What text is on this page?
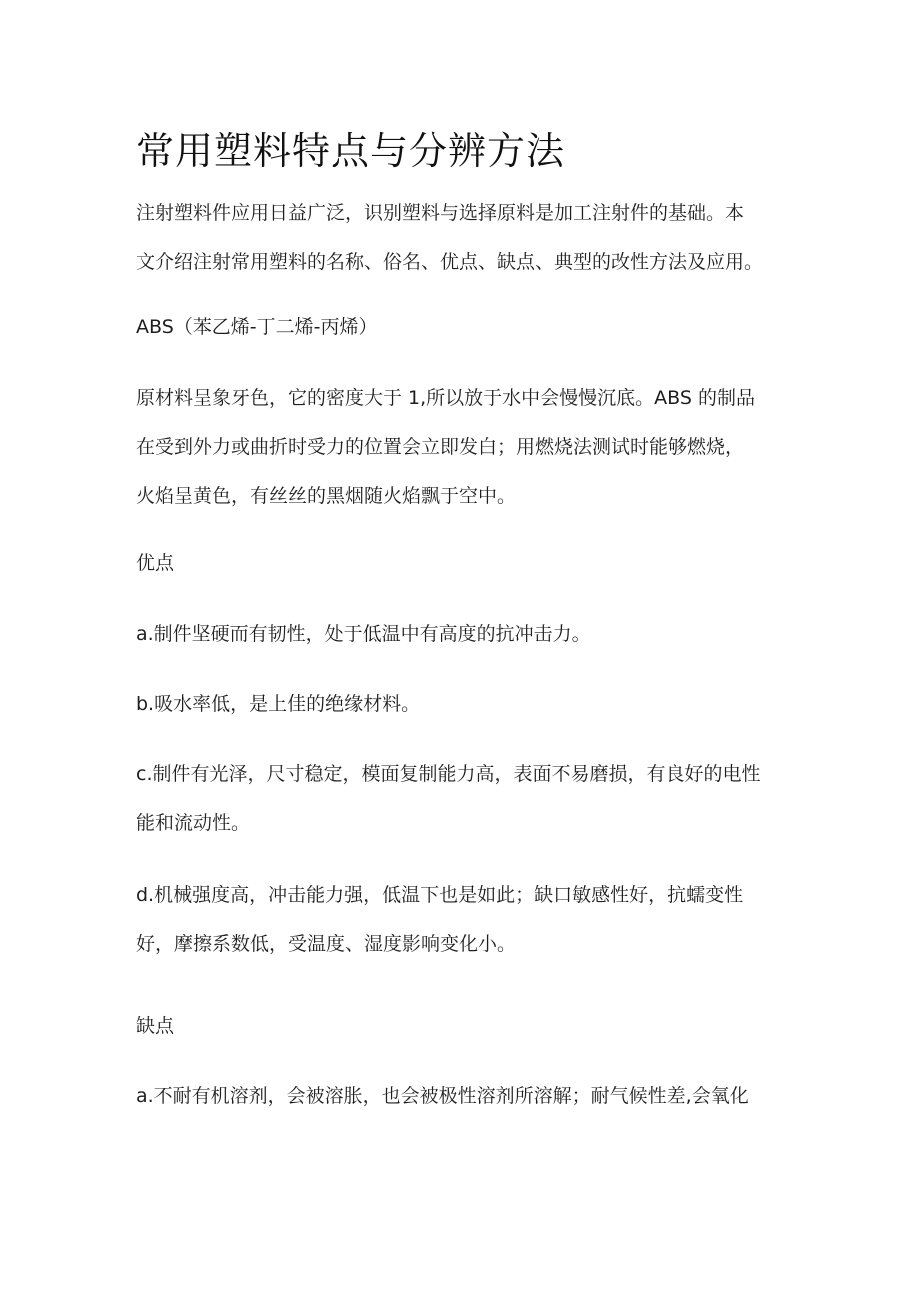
常用塑料特点与分辨方法

注射塑料件应用日益广泛，识别塑料与选择原料是加工注射件的基础。本
文介绍注射常用塑料的名称、俗名、优点、缺点、典型的改性方法及应用。

ABS（苯乙烯-丁二烯-丙烯）

原材料呈象牙色，它的密度大于 1,所以放于水中会慢慢沉底。ABS 的制品
在受到外力或曲折时受力的位置会立即发白；用燃烧法测试时能够燃烧，
火焰呈黄色，有丝丝的黑烟随火焰飘于空中。

优点

a.制件坚硬而有韧性，处于低温中有高度的抗冲击力。

b.吸水率低，是上佳的绝缘材料。

c.制件有光泽，尺寸稳定，模面复制能力高，表面不易磨损，有良好的电性
能和流动性。

d.机械强度高，冲击能力强，低温下也是如此；缺口敏感性好，抗蠕变性
好，摩擦系数低，受温度、湿度影响变化小。

缺点

a.不耐有机溶剂，会被溶胀，也会被极性溶剂所溶解；耐气候性差,会氧化
